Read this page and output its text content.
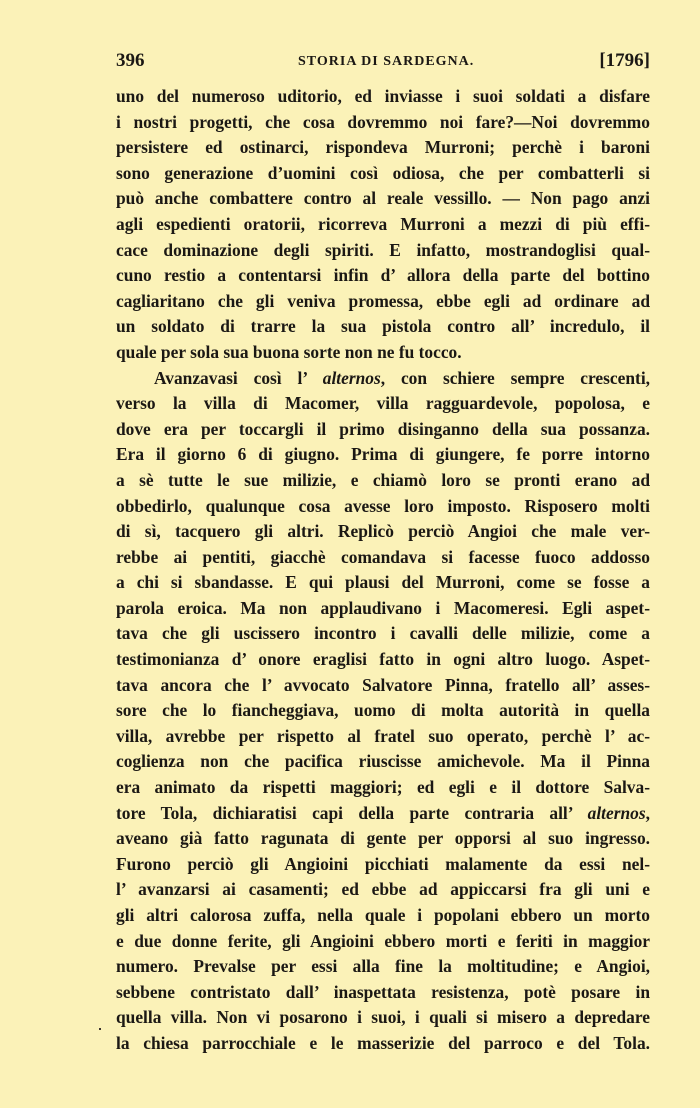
396	STORIA DI SARDEGNA.	[1796]
uno del numeroso uditorio, ed inviasse i suoi soldati a disfare
i nostri progetti, che cosa dovremmo noi fare?—Noi dovremmo
persistere ed ostinarci, rispondeva Murroni; perchè i baroni
sono generazione d’uomini così odiosa, che per combatterli si
può anche combattere contro al reale vessillo. — Non pago anzi
agli espedienti oratorii, ricorreva Murroni a mezzi di più effi-
cace dominazione degli spiriti. E infatto, mostrandoglisi qual-
cuno restio a contentarsi infin d’ allora della parte del bottino
cagliaritano che gli veniva promessa, ebbe egli ad ordinare ad
un soldato di trarre la sua pistola contro all’ incredulo, il
quale per sola sua buona sorte non ne fu tocco.
Avanzavasi così l’ alternos, con schiere sempre crescenti,
verso la villa di Macomer, villa ragguardevole, popolosa, e
dove era per toccargli il primo disinganno della sua possanza.
Era il giorno 6 di giugno. Prima di giungere, fe porre intorno
a sè tutte le sue milizie, e chiamò loro se pronti erano ad
obbedirlo, qualunque cosa avesse loro imposto. Risposero molti
di sì, tacquero gli altri. Replicò perciò Angioi che male ver-
rebbe ai pentiti, giacchè comandava si facesse fuoco addosso
a chi si sbandasse. E qui plausi del Murroni, come se fosse a
parola eroica. Ma non applaudivano i Macomeresi. Egli aspet-
tava che gli uscissero incontro i cavalli delle milizie, come a
testimonianza d’ onore eraglisi fatto in ogni altro luogo. Aspet-
tava ancora che l’ avvocato Salvatore Pinna, fratello all’ asses-
sore che lo fiancheggiava, uomo di molta autorità in quella
villa, avrebbe per rispetto al fratel suo operato, perchè l’ ac-
coglienza non che pacifica riuscisse amichevole. Ma il Pinna
era animato da rispetti maggiori; ed egli e il dottore Salva-
tore Tola, dichiaratisi capi della parte contraria all’ alternos,
aveano già fatto ragunata di gente per opporsi al suo ingresso.
Furono perciò gli Angioini picchiati malamente da essi nel-
l’ avanzarsi ai casamenti; ed ebbe ad appiccarsi fra gli uni e
gli altri calorosa zuffa, nella quale i popolani ebbero un morto
e due donne ferite, gli Angioini ebbero morti e feriti in maggior
numero. Prevalse per essi alla fine la moltitudine; e Angioi,
sebbene contristato dall’ inaspettata resistenza, potè posare in
quella villa. Non vi posarono i suoi, i quali si misero a depredare
la chiesa parrocchiale e le masserizie del parroco e del Tola.
